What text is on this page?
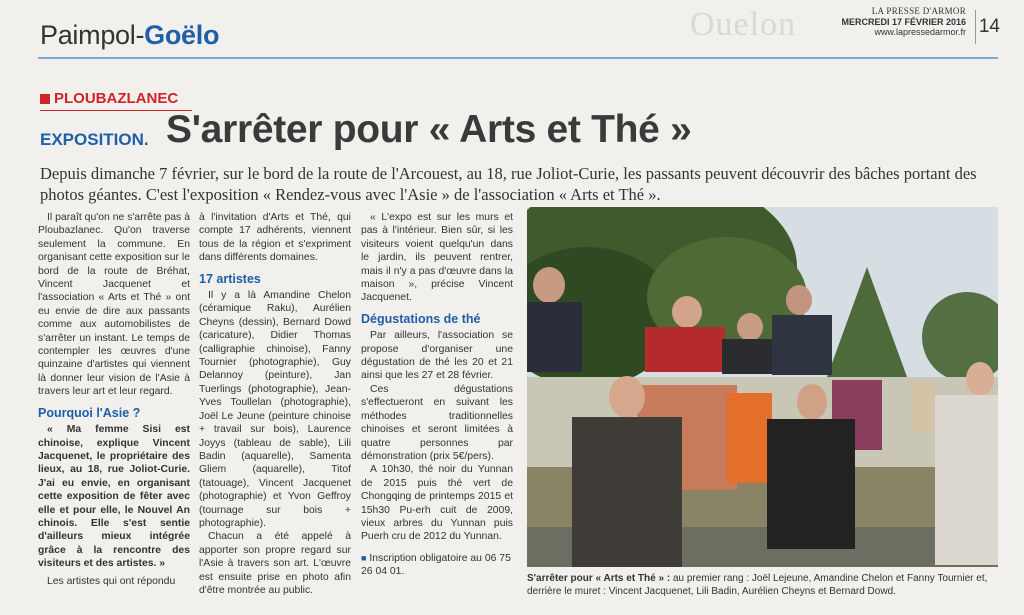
Ouelon
Paimpol-Goëlo
LA PRESSE D'ARMOR
MERCREDI 17 FÉVRIER 2016
www.lapressedarmor.fr 14
PLOUBAZLANEC
EXPOSITION. S'arrêter pour « Arts et Thé »
Depuis dimanche 7 février, sur le bord de la route de l'Arcouest, au 18, rue Joliot-Curie, les passants peuvent découvrir des bâches portant des photos géantes. C'est l'exposition « Rendez-vous avec l'Asie » de l'association « Arts et Thé ».

Il paraît qu'on ne s'arrête pas à Ploubazlanec. Qu'on traverse seulement la commune. En organisant cette exposition sur le bord de la route de Bréhat, Vincent Jacquenet et l'association « Arts et Thé » ont eu envie de dire aux passants comme aux automobilistes de s'arrêter un instant. Le temps de contempler les œuvres d'une quinzaine d'artistes qui viennent là donner leur vision de l'Asie à travers leur art et leur regard.

Pourquoi l'Asie ?

« Ma femme Sisi est chinoise, explique Vincent Jacquenet, le propriétaire des lieux, au 18, rue Joliot-Curie. J'ai eu envie, en organisant cette exposition de fêter avec elle et pour elle, le Nouvel An chinois. Elle s'est sentie d'ailleurs mieux intégrée grâce à la rencontre des visiteurs et des artistes. »

Les artistes qui ont répondu

à l'invitation d'Arts et Thé, qui compte 17 adhérents, viennent tous de la région et s'expriment dans différents domaines.

17 artistes

Il y a là Amandine Chelon (céramique Raku), Aurélien Cheyns (dessin), Bernard Dowd (caricature), Didier Thomas (calligraphie chinoise), Fanny Tournier (photographie), Guy Delannoy (peinture), Jan Tuerlings (photographie), Jean-Yves Toullelan (photographie), Joël Le Jeune (peinture chinoise + travail sur bois), Laurence Joyys (tableau de sable), Lili Badin (aquarelle), Samenta Gliem (aquarelle), Titof (tatouage), Vincent Jacquenet (photographie) et Yvon Geffroy (tournage sur bois + photographie).

Chacun a été appelé à apporter son propre regard sur l'Asie à travers son art. L'œuvre est ensuite prise en photo afin d'être montrée au public.

« L'expo est sur les murs et pas à l'intérieur. Bien sûr, si les visiteurs voient quelqu'un dans le jardin, ils peuvent rentrer, mais il n'y a pas d'œuvre dans la maison », précise Vincent Jacquenet.

Dégustations de thé

Par ailleurs, l'association se propose d'organiser une dégustation de thé les 20 et 21 ainsi que les 27 et 28 février.

Ces dégustations s'effectueront en suivant les méthodes traditionnelles chinoises et seront limitées à quatre personnes par démonstration (prix 5€/pers).

A 10h30, thé noir du Yunnan de 2015 puis thé vert de Chongqing de printemps 2015 et 15h30 Pu-erh cuit de 2009, vieux arbres du Yunnan puis Puerh cru de 2012 du Yunnan.

■ Inscription obligatoire au 06 75 26 04 01.

S'arrêter pour « Arts et Thé » : au premier rang : Joël Lejeune, Amandine Chelon et Fanny Tournier et, derrière le muret : Vincent Jacquenet, Lili Badin, Aurélien Cheyns et Bernard Dowd.
